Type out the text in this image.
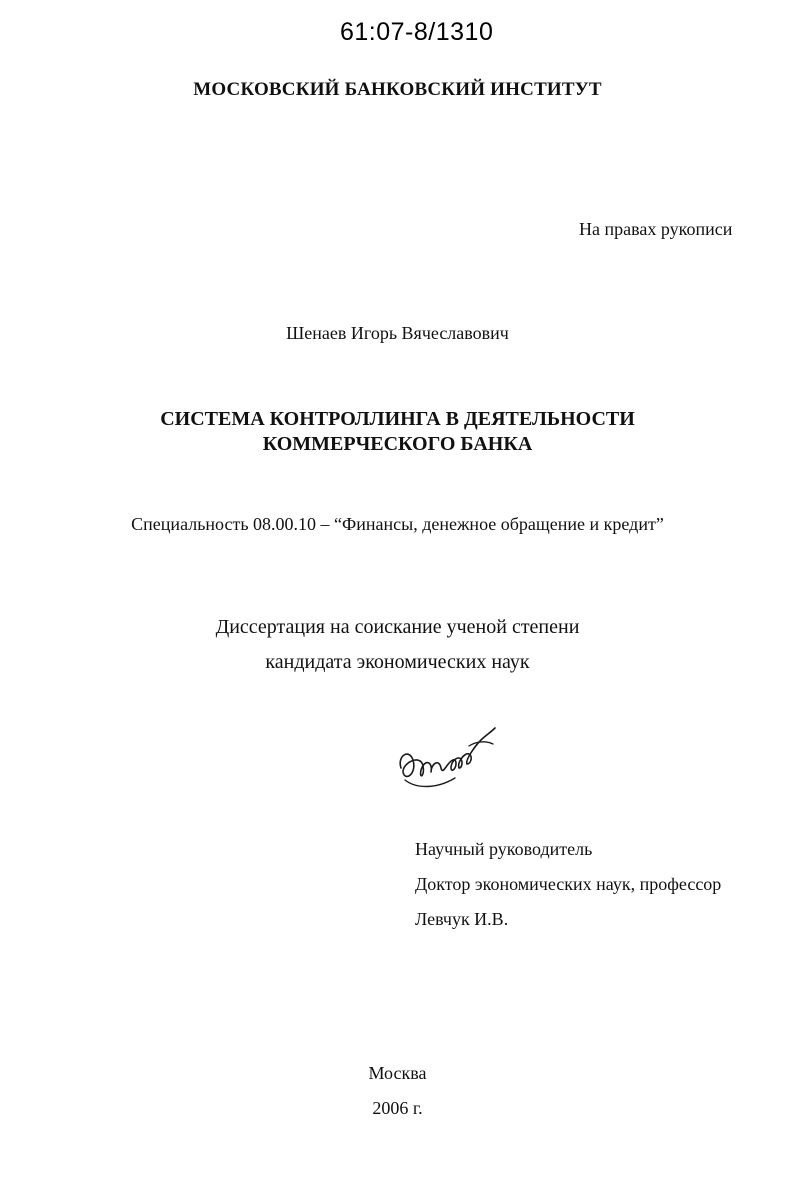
61:07-8/1310
МОСКОВСКИЙ БАНКОВСКИЙ ИНСТИТУТ
На правах рукописи
Шенаев Игорь Вячеславович
СИСТЕМА КОНТРОЛЛИНГА В ДЕЯТЕЛЬНОСТИ
КОММЕРЧЕСКОГО БАНКА
Специальность 08.00.10 – “Финансы, денежное обращение и кредит”
Диссертация на соискание ученой степени
кандидата экономических наук
Научный руководитель
Доктор экономических наук, профессор
Левчук И.В.
Москва
2006 г.
